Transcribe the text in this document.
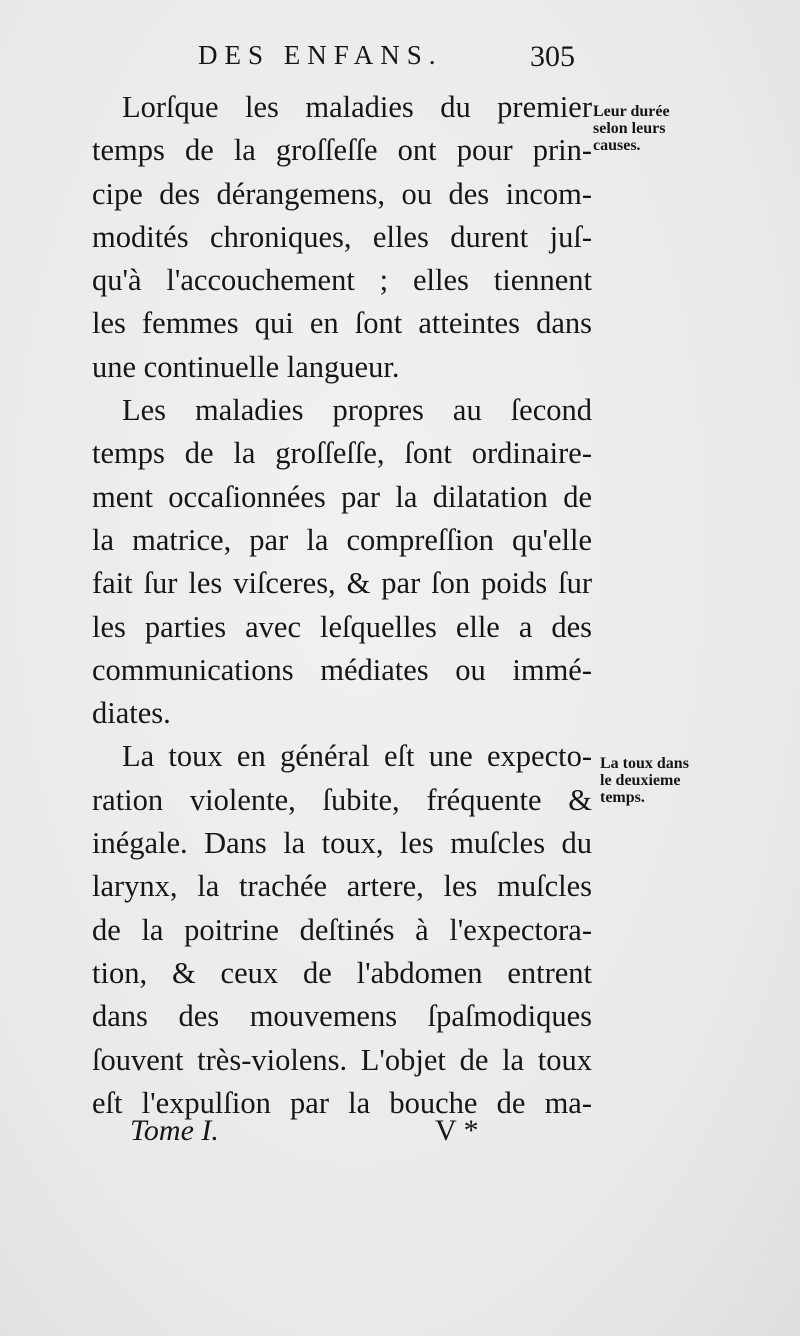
DES ENFANS.	305
Leur durée
selon leurs
causes.
La toux dans
le deuxieme
temps.
Lorſque les maladies du premier
temps de la groſſeſſe ont pour prin-
cipe des dérangemens, ou des incom-
modités chroniques, elles durent juſ-
qu'à l'accouchement ; elles tiennent
les femmes qui en ſont atteintes dans
une continuelle langueur.
Les maladies propres au ſecond
temps de la groſſeſſe, ſont ordinaire-
ment occaſionnées par la dilatation de
la matrice, par la compreſſion qu'elle
fait ſur les viſceres, & par ſon poids ſur
les parties avec leſquelles elle a des
communications médiates ou immé-
diates.
La toux en général eſt une expecto-
ration violente, ſubite, fréquente &
inégale. Dans la toux, les muſcles du
larynx, la trachée artere, les muſcles
de la poitrine deſtinés à l'expectora-
tion, & ceux de l'abdomen entrent
dans des mouvemens ſpaſmodiques
ſouvent très-violens. L'objet de la toux
eſt l'expulſion par la bouche de ma-
Tome I.	V *
